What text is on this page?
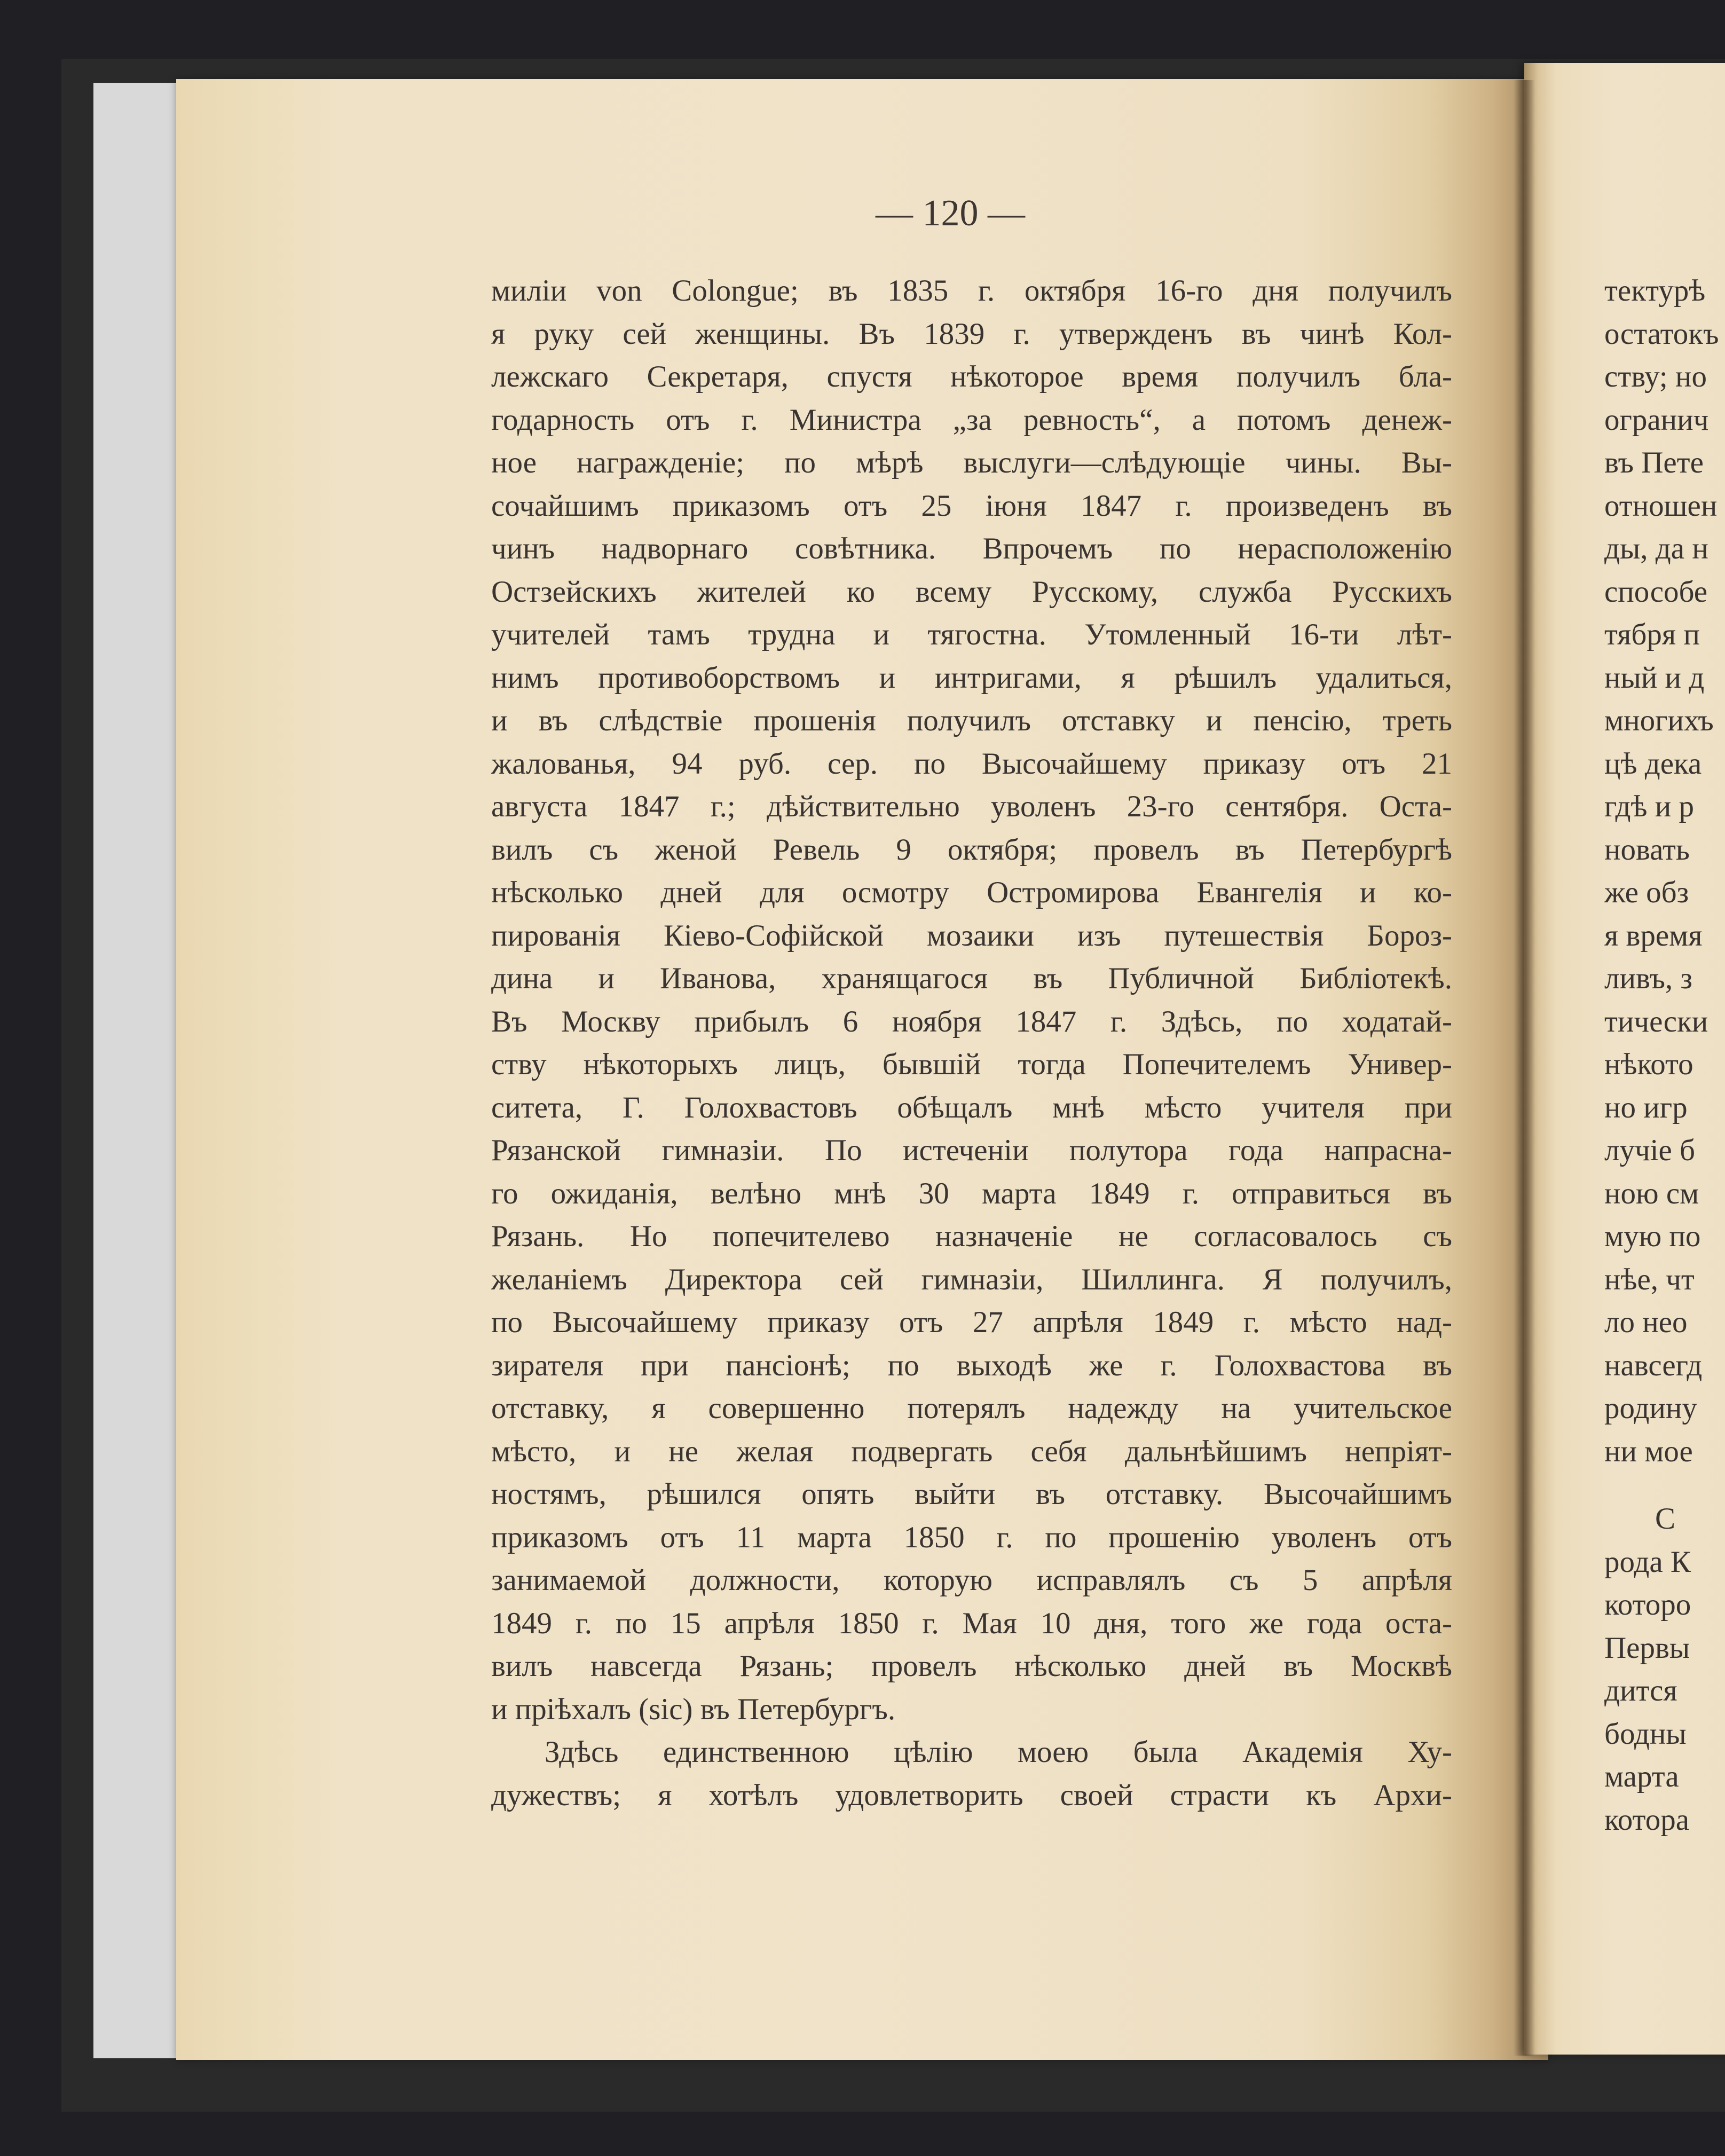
— 120 —
миліи von Colongue; въ 1835 г. октября 16-го дня получилъ
я руку сей женщины. Въ 1839 г. утвержденъ въ чинѣ Кол-
лежскаго Секретаря, спустя нѣкоторое время получилъ бла-
годарность отъ г. Министра „за ревность“, а потомъ денеж-
ное награжденіе; по мѣрѣ выслуги—слѣдующіе чины. Вы-
сочайшимъ приказомъ отъ 25 іюня 1847 г. произведенъ въ
чинъ надворнаго совѣтника. Впрочемъ по нерасположенію
Остзейскихъ жителей ко всему Русскому, служба Русскихъ
учителей тамъ трудна и тягостна. Утомленный 16-ти лѣт-
нимъ противоборствомъ и интригами, я рѣшилъ удалиться,
и въ слѣдствіе прошенія получилъ отставку и пенсію, треть
жалованья, 94 руб. сер. по Высочайшему приказу отъ 21
августа 1847 г.; дѣйствительно уволенъ 23-го сентября. Оста-
вилъ съ женой Ревель 9 октября; провелъ въ Петербургѣ
нѣсколько дней для осмотру Остромирова Евангелія и ко-
пированія Кіево-Софійской мозаики изъ путешествія Бороз-
дина и Иванова, хранящагося въ Публичной Библіотекѣ.
Въ Москву прибылъ 6 ноября 1847 г. Здѣсь, по ходатай-
ству нѣкоторыхъ лицъ, бывшій тогда Попечителемъ Универ-
ситета, Г. Голохвастовъ обѣщалъ мнѣ мѣсто учителя при
Рязанской гимназіи. По истеченіи полутора года напрасна-
го ожиданія, велѣно мнѣ 30 марта 1849 г. отправиться въ
Рязань. Но попечителево назначеніе не согласовалось съ
желаніемъ Директора сей гимназіи, Шиллинга. Я получилъ,
по Высочайшему приказу отъ 27 апрѣля 1849 г. мѣсто над-
зирателя при пансіонѣ; по выходѣ же г. Голохвастова въ
отставку, я совершенно потерялъ надежду на учительское
мѣсто, и не желая подвергать себя дальнѣйшимъ непріят-
ностямъ, рѣшился опять выйти въ отставку. Высочайшимъ
приказомъ отъ 11 марта 1850 г. по прошенію уволенъ отъ
занимаемой должности, которую исправлялъ съ 5 апрѣля
1849 г. по 15 апрѣля 1850 г. Мая 10 дня, того же года оста-
вилъ навсегда Рязань; провелъ нѣсколько дней въ Москвѣ
и пріѣхалъ (sic) въ Петербургъ.
Здѣсь единственною цѣлію моею была Академія Ху-
дужествъ; я хотѣлъ удовлетворить своей страсти къ Архи-
тектурѣ
остатокъ
ству; но
огранич
въ Пете
отношен
ды, да н
способе
тября п
ный и д
многихъ
цѣ дека
гдѣ и р
новать
же обз
я время
ливъ, з
тически
нѣкото
но игр
лучіе б
ною см
мую по
нѣе, чт
ло нео
навсегд
родину
ни мое
С
рода К
которо
Первы
дится
бодны
марта
котора
